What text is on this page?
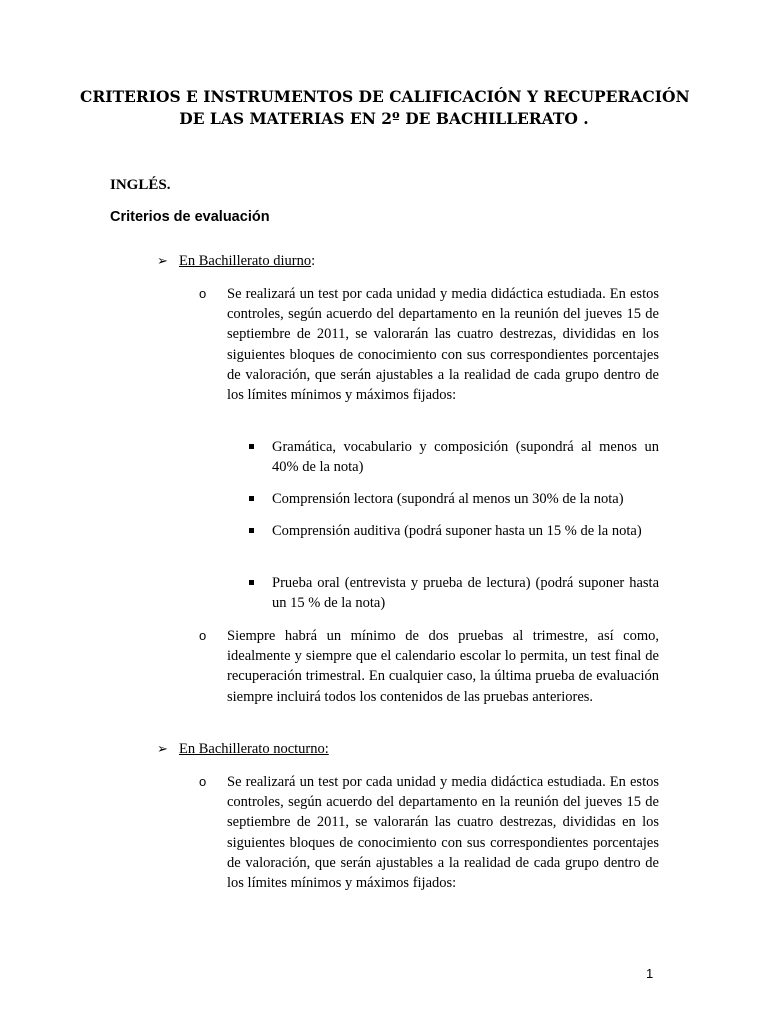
CRITERIOS E INSTRUMENTOS DE CALIFICACIÓN Y RECUPERACIÓN
DE LAS MATERIAS EN 2º DE BACHILLERATO .
INGLÉS.
Criterios de evaluación
➢ En Bachillerato diurno:
o Se realizará un test por cada unidad y media didáctica estudiada. En estos controles, según acuerdo del departamento en la reunión del jueves 15 de septiembre de 2011, se valorarán las cuatro destrezas, divididas en los siguientes bloques de conocimiento con sus correspondientes porcentajes de valoración, que serán ajustables a la realidad de cada grupo dentro de los límites mínimos y máximos fijados:
Gramática, vocabulario y composición (supondrá al menos un 40% de la nota)
Comprensión lectora (supondrá al menos un 30% de la nota)
Comprensión auditiva (podrá suponer hasta un 15 % de la nota)
Prueba oral (entrevista y prueba de lectura) (podrá suponer hasta un 15 % de la nota)
o Siempre habrá un mínimo de dos pruebas al trimestre, así como, idealmente y siempre que el calendario escolar lo permita, un test final de recuperación trimestral. En cualquier caso, la última prueba de evaluación siempre incluirá todos los contenidos de las pruebas anteriores.
➢ En Bachillerato nocturno:
o Se realizará un test por cada unidad y media didáctica estudiada. En estos controles, según acuerdo del departamento en la reunión del jueves 15 de septiembre de 2011, se valorarán las cuatro destrezas, divididas en los siguientes bloques de conocimiento con sus correspondientes porcentajes de valoración, que serán ajustables a la realidad de cada grupo dentro de los límites mínimos y máximos fijados:
1
